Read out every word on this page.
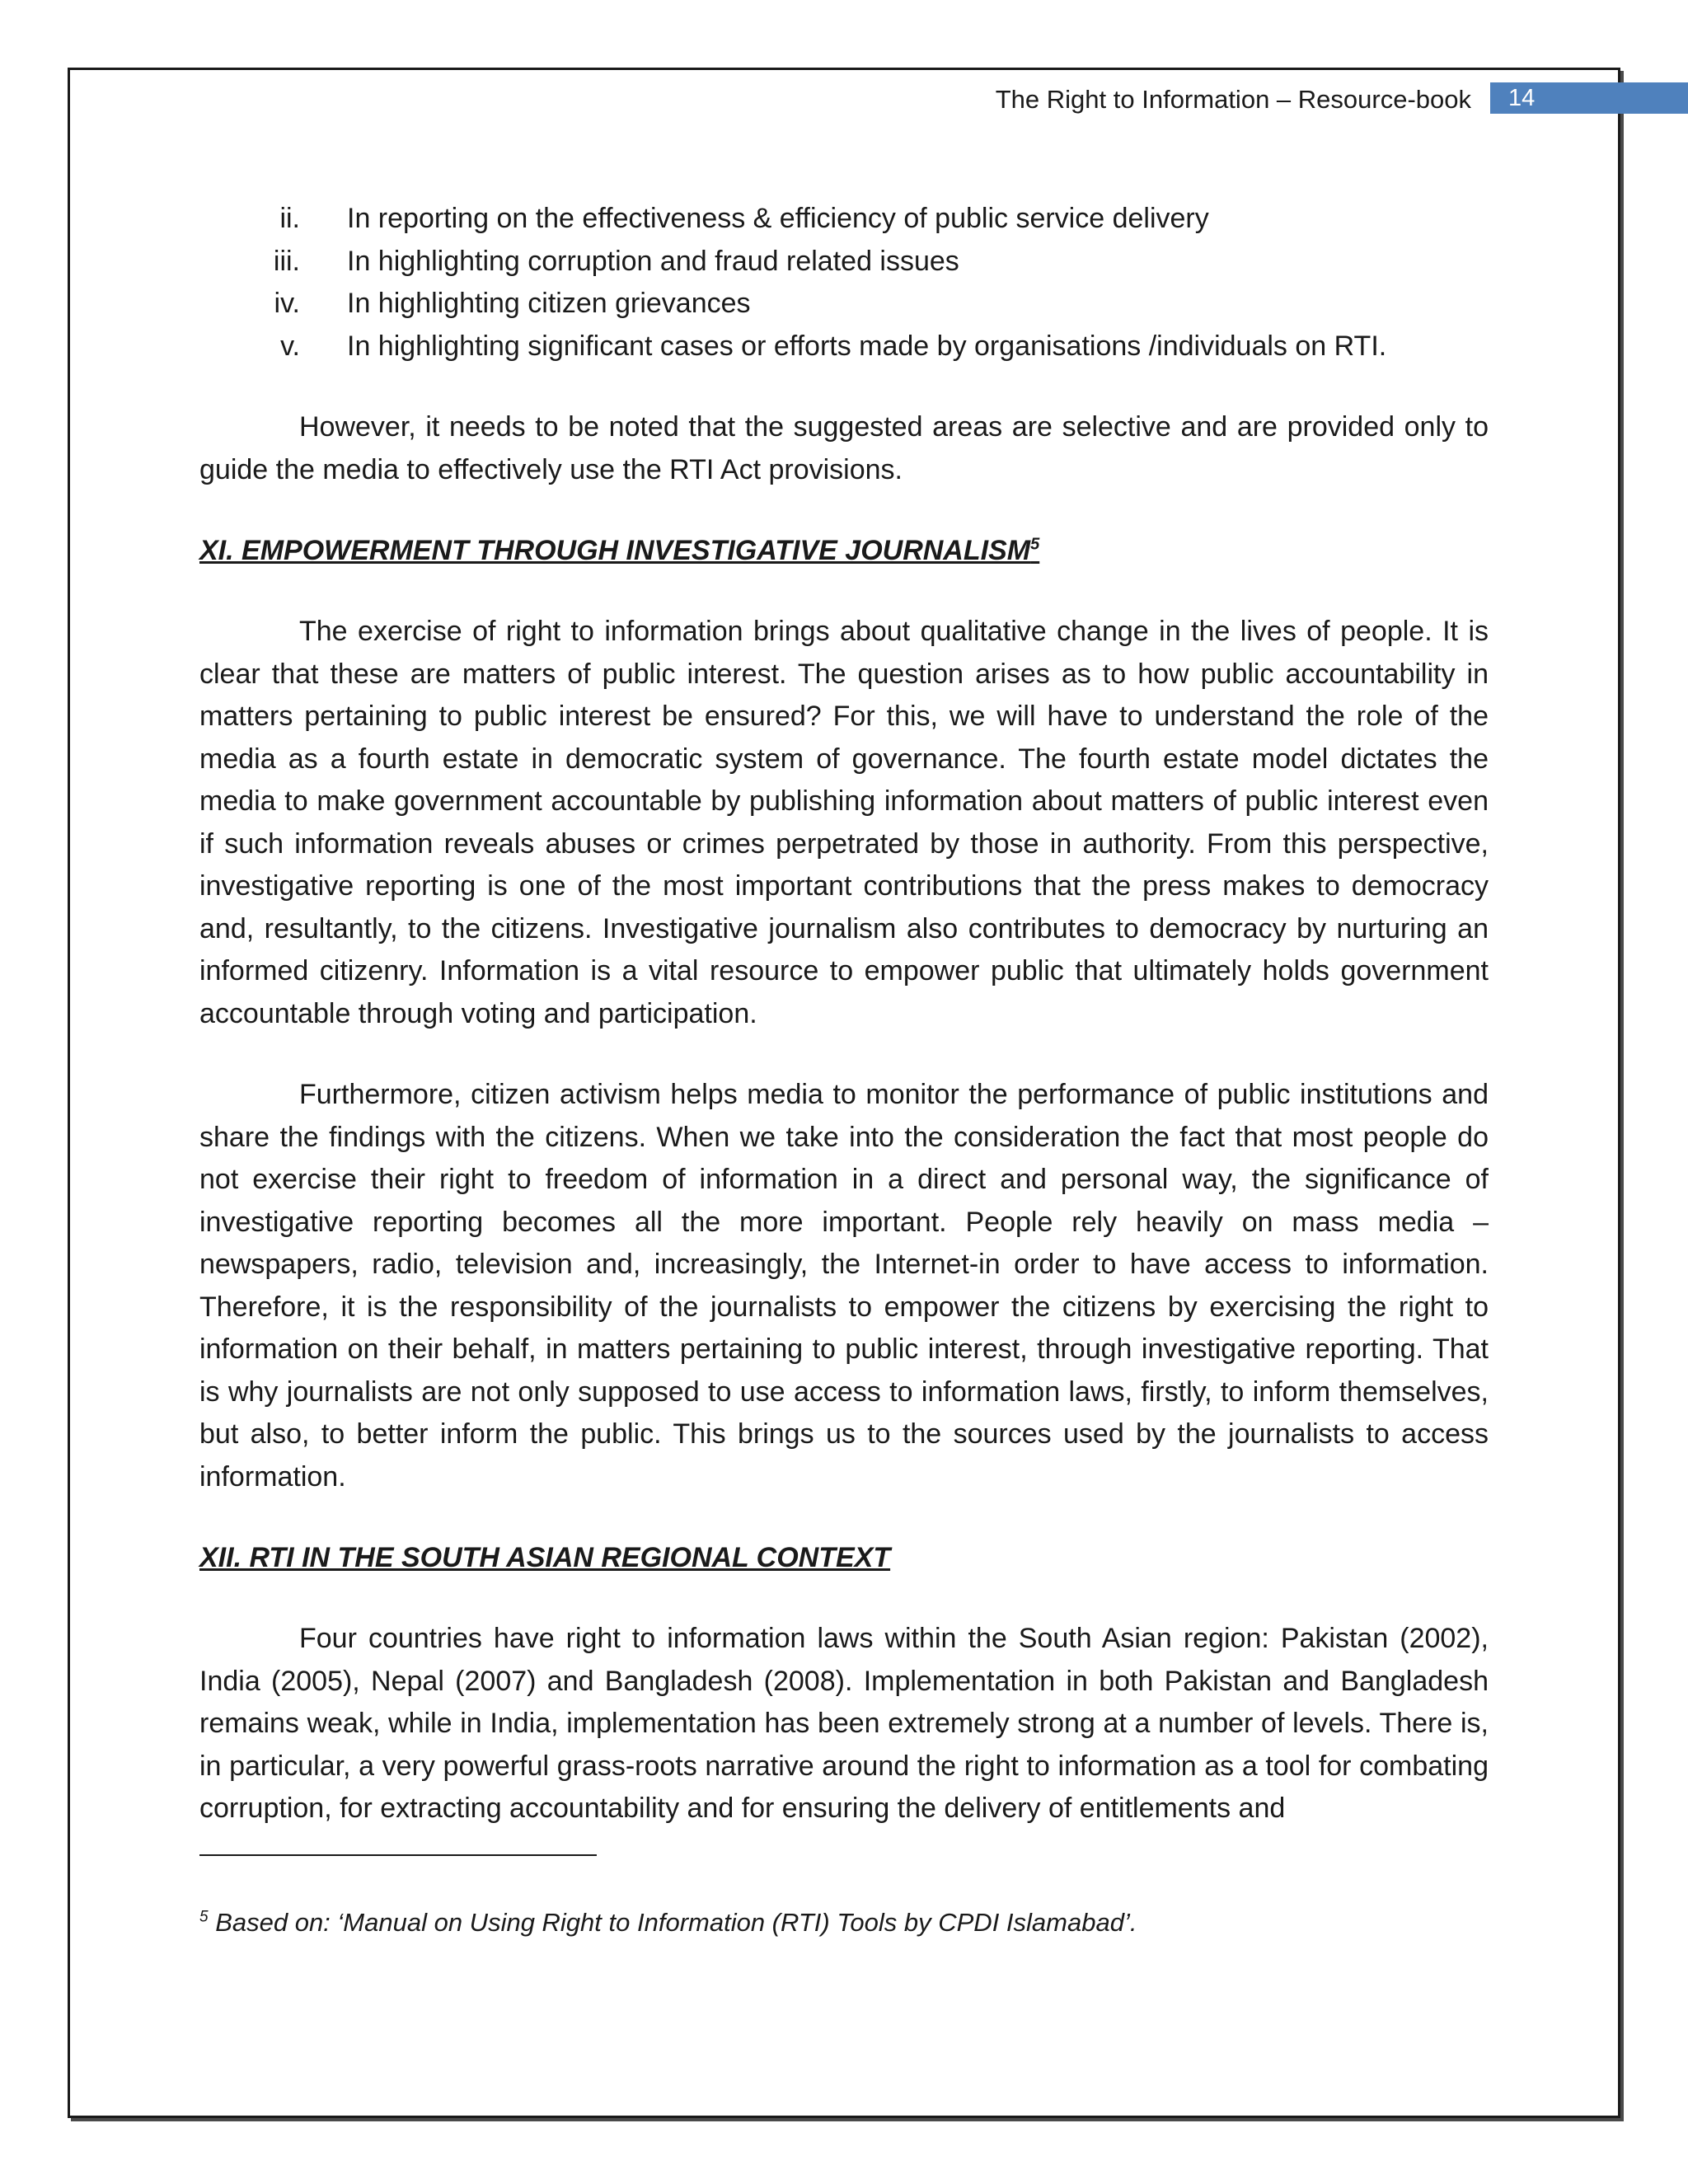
The Right to Information – Resource-book	14
ii. In reporting on the effectiveness & efficiency of public service delivery
iii. In highlighting corruption and fraud related issues
iv. In highlighting citizen grievances
v. In highlighting significant cases or efforts made by organisations /individuals on RTI.

However, it needs to be noted that the suggested areas are selective and are provided only to guide the media to effectively use the RTI Act provisions.

XI. EMPOWERMENT THROUGH INVESTIGATIVE JOURNALISM$^5$

The exercise of right to information brings about qualitative change in the lives of people. It is clear that these are matters of public interest. The question arises as to how public accountability in matters pertaining to public interest be ensured? For this, we will have to understand the role of the media as a fourth estate in democratic system of governance. The fourth estate model dictates the media to make government accountable by publishing information about matters of public interest even if such information reveals abuses or crimes perpetrated by those in authority. From this perspective, investigative reporting is one of the most important contributions that the press makes to democracy and, resultantly, to the citizens. Investigative journalism also contributes to democracy by nurturing an informed citizenry. Information is a vital resource to empower public that ultimately holds government accountable through voting and participation.

Furthermore, citizen activism helps media to monitor the performance of public institutions and share the findings with the citizens. When we take into the consideration the fact that most people do not exercise their right to freedom of information in a direct and personal way, the significance of investigative reporting becomes all the more important. People rely heavily on mass media – newspapers, radio, television and, increasingly, the Internet-in order to have access to information. Therefore, it is the responsibility of the journalists to empower the citizens by exercising the right to information on their behalf, in matters pertaining to public interest, through investigative reporting. That is why journalists are not only supposed to use access to information laws, firstly, to inform themselves, but also, to better inform the public. This brings us to the sources used by the journalists to access information.

XII. RTI IN THE SOUTH ASIAN REGIONAL CONTEXT

Four countries have right to information laws within the South Asian region: Pakistan (2002), India (2005), Nepal (2007) and Bangladesh (2008). Implementation in both Pakistan and Bangladesh remains weak, while in India, implementation has been extremely strong at a number of levels. There is, in particular, a very powerful grass-roots narrative around the right to information as a tool for combating corruption, for extracting accountability and for ensuring the delivery of entitlements and

$^5$ Based on: ‘Manual on Using Right to Information (RTI) Tools by CPDI Islamabad’.
